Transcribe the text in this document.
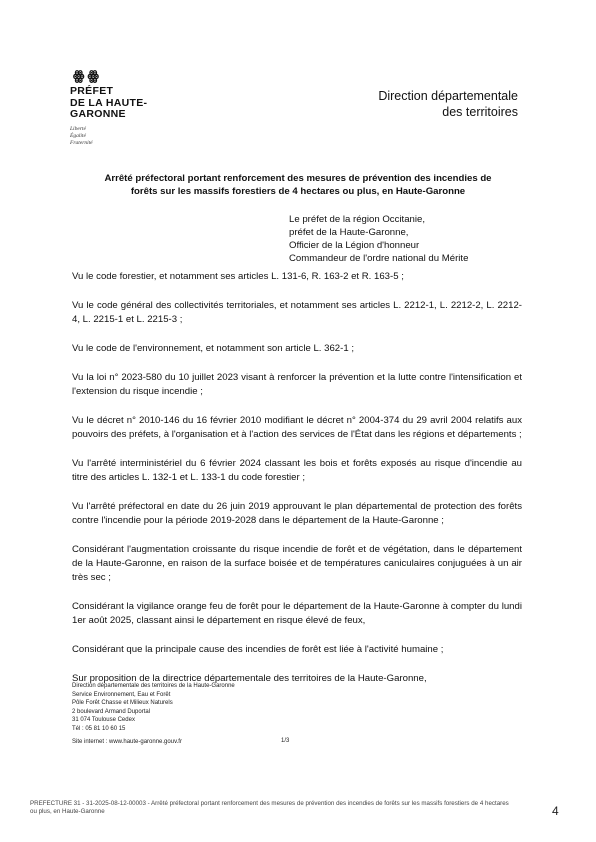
ꙮ ꙮ
PRÉFET
DE LA HAUTE-
GARONNE
Liberté
Égalité
Fraternité
Direction départementale
des territoires
Arrêté préfectoral portant renforcement des mesures de prévention des incendies de
forêts sur les massifs forestiers de 4 hectares ou plus, en Haute-Garonne
Le préfet de la région Occitanie,
préfet de la Haute-Garonne,
Officier de la Légion d'honneur
Commandeur de l'ordre national du Mérite

Vu le code forestier, et notamment ses articles L. 131-6, R. 163-2 et R. 163-5 ;

Vu le code général des collectivités territoriales, et notamment ses articles L. 2212-1, L. 2212-2, L. 2212-4, L. 2215-1 et L. 2215-3 ;

Vu le code de l'environnement, et notamment son article L. 362-1 ;

Vu la loi n° 2023-580 du 10 juillet 2023 visant à renforcer la prévention et la lutte contre l'intensification et l'extension du risque incendie ;

Vu le décret n° 2010-146 du 16 février 2010 modifiant le décret n° 2004-374 du 29 avril 2004 relatifs aux pouvoirs des préfets, à l'organisation et à l'action des services de l'État dans les régions et départements ;

Vu l'arrêté interministériel du 6 février 2024 classant les bois et forêts exposés au risque d'incendie au titre des articles L. 132-1 et L. 133-1 du code forestier ;

Vu l'arrêté préfectoral en date du 26 juin 2019 approuvant le plan départemental de protection des forêts contre l'incendie pour la période 2019-2028 dans le département de la Haute-Garonne ;

Considérant l'augmentation croissante du risque incendie de forêt et de végétation, dans le département de la Haute-Garonne, en raison de la surface boisée et de températures caniculaires conjuguées à un air très sec ;

Considérant la vigilance orange feu de forêt pour le département de la Haute-Garonne à compter du lundi 1er août 2025, classant ainsi le département en risque élevé de feux,

Considérant que la principale cause des incendies de forêt est liée à l'activité humaine ;

Sur proposition de la directrice départementale des territoires de la Haute-Garonne,

Direction départementale des territoires de la Haute-Garonne
Service Environnement, Eau et Forêt
Pôle Forêt Chasse et Milieux Naturels
2 boulevard Armand Duportal
31 074 Toulouse Cedex
Tél : 05 81 10 60 15
Site internet : www.haute-garonne.gouv.fr	1/3
PREFECTURE 31 - 31-2025-08-12-00003 - Arrêté préfectoral portant renforcement des mesures de prévention des incendies de forêts sur les massifs forestiers de 4 hectares ou plus, en Haute-Garonne	4
